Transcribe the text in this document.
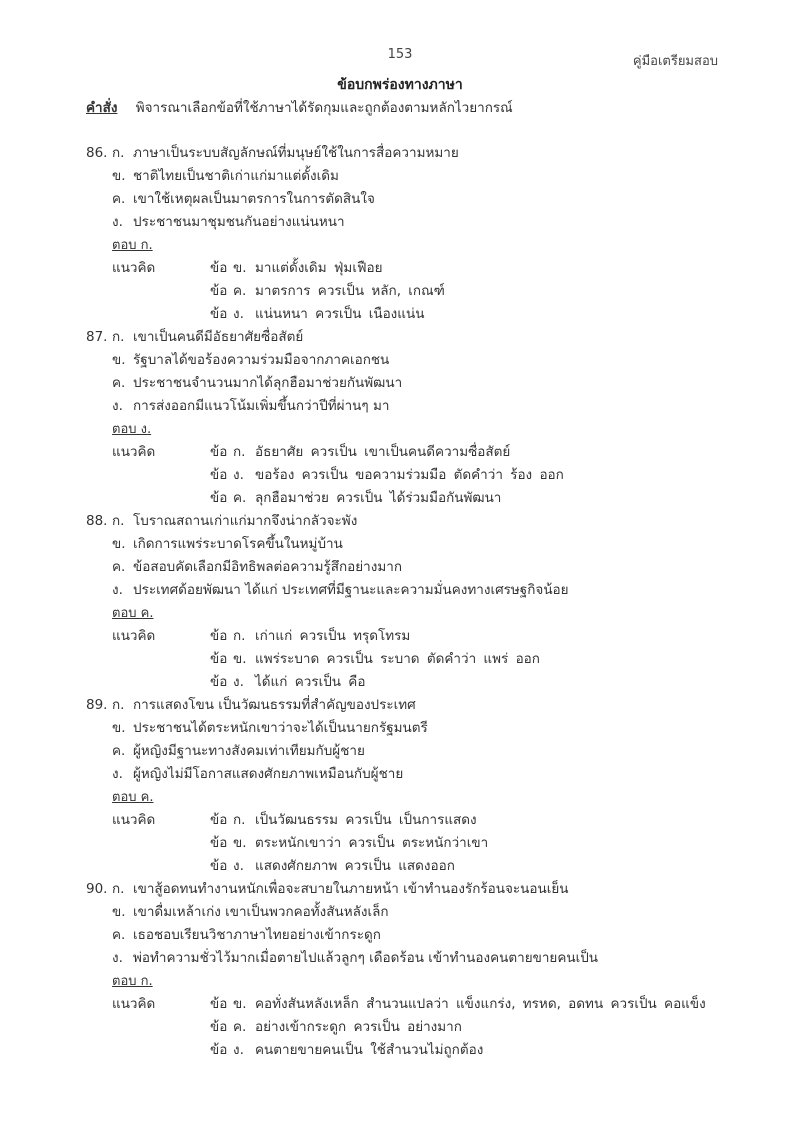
153	คู่มือเตรียมสอบ
ข้อบกพร่องทางภาษา
คำสั่ง พิจารณาเลือกข้อที่ใช้ภาษาได้รัดกุมและถูกต้องตามหลักไวยากรณ์
86. ก. ภาษาเป็นระบบสัญลักษณ์ที่มนุษย์ใช้ในการสื่อความหมาย
ข. ชาติไทยเป็นชาติเก่าแก่มาแต่ดั้งเดิม
ค. เขาใช้เหตุผลเป็นมาตรการในการตัดสินใจ
ง. ประชาชนมาชุมชนกันอย่างแน่นหนา
ตอบ ก.
แนวคิด	ข้อ ข. มาแต่ดั้งเดิม ฟุ่มเฟือย
ข้อ ค. มาตรการ ควรเป็น หลัก, เกณฑ์
ข้อ ง. แน่นหนา ควรเป็น เนืองแน่น
87. ก. เขาเป็นคนดีมีอัธยาศัยซื่อสัตย์
ข. รัฐบาลได้ขอร้องความร่วมมือจากภาคเอกชน
ค. ประชาชนจำนวนมากได้ลุกฮือมาช่วยกันพัฒนา
ง. การส่งออกมีแนวโน้มเพิ่มขึ้นกว่าปีที่ผ่านๆ มา
ตอบ ง.
แนวคิด	ข้อ ก. อัธยาศัย ควรเป็น เขาเป็นคนดีความซื่อสัตย์
ข้อ ง. ขอร้อง ควรเป็น ขอความร่วมมือ ตัดคำว่า ร้อง ออก
ข้อ ค. ลุกฮือมาช่วย ควรเป็น ได้ร่วมมือกันพัฒนา
88. ก. โบราณสถานเก่าแก่มากจึงน่ากลัวจะพัง
ข. เกิดการแพร่ระบาดโรคขึ้นในหมู่บ้าน
ค. ข้อสอบคัดเลือกมีอิทธิพลต่อความรู้สึกอย่างมาก
ง. ประเทศด้อยพัฒนา ได้แก่ ประเทศที่มีฐานะและความมั่นคงทางเศรษฐกิจน้อย
ตอบ ค.
แนวคิด	ข้อ ก. เก่าแก่ ควรเป็น ทรุดโทรม
ข้อ ข. แพร่ระบาด ควรเป็น ระบาด ตัดคำว่า แพร่ ออก
ข้อ ง. ได้แก่ ควรเป็น คือ
89. ก. การแสดงโขน เป็นวัฒนธรรมที่สำคัญของประเทศ
ข. ประชาชนได้ตระหนักเขาว่าจะได้เป็นนายกรัฐมนตรี
ค. ผู้หญิงมีฐานะทางสังคมเท่าเทียมกับผู้ชาย
ง. ผู้หญิงไม่มีโอกาสแสดงศักยภาพเหมือนกับผู้ชาย
ตอบ ค.
แนวคิด	ข้อ ก. เป็นวัฒนธรรม ควรเป็น เป็นการแสดง
ข้อ ข. ตระหนักเขาว่า ควรเป็น ตระหนักว่าเขา
ข้อ ง. แสดงศักยภาพ ควรเป็น แสดงออก
90. ก. เขาสู้อดทนทำงานหนักเพื่อจะสบายในภายหน้า เข้าทำนองรักร้อนจะนอนเย็น
ข. เขาดื่มเหล้าเก่ง เขาเป็นพวกคอทั้งสันหลังเล็ก
ค. เธอชอบเรียนวิชาภาษาไทยอย่างเข้ากระดูก
ง. พ่อทำความชั่วไว้มากเมื่อตายไปแล้วลูกๆ เดือดร้อน เข้าทำนองคนตายขายคนเป็น
ตอบ ก.
แนวคิด	ข้อ ข. คอทั่งสันหลังเหล็ก สำนวนแปลว่า แข็งแกร่ง, ทรหด, อดทน ควรเป็น คอแข็ง
ข้อ ค. อย่างเข้ากระดูก ควรเป็น อย่างมาก
ข้อ ง. คนตายขายคนเป็น ใช้สำนวนไม่ถูกต้อง
